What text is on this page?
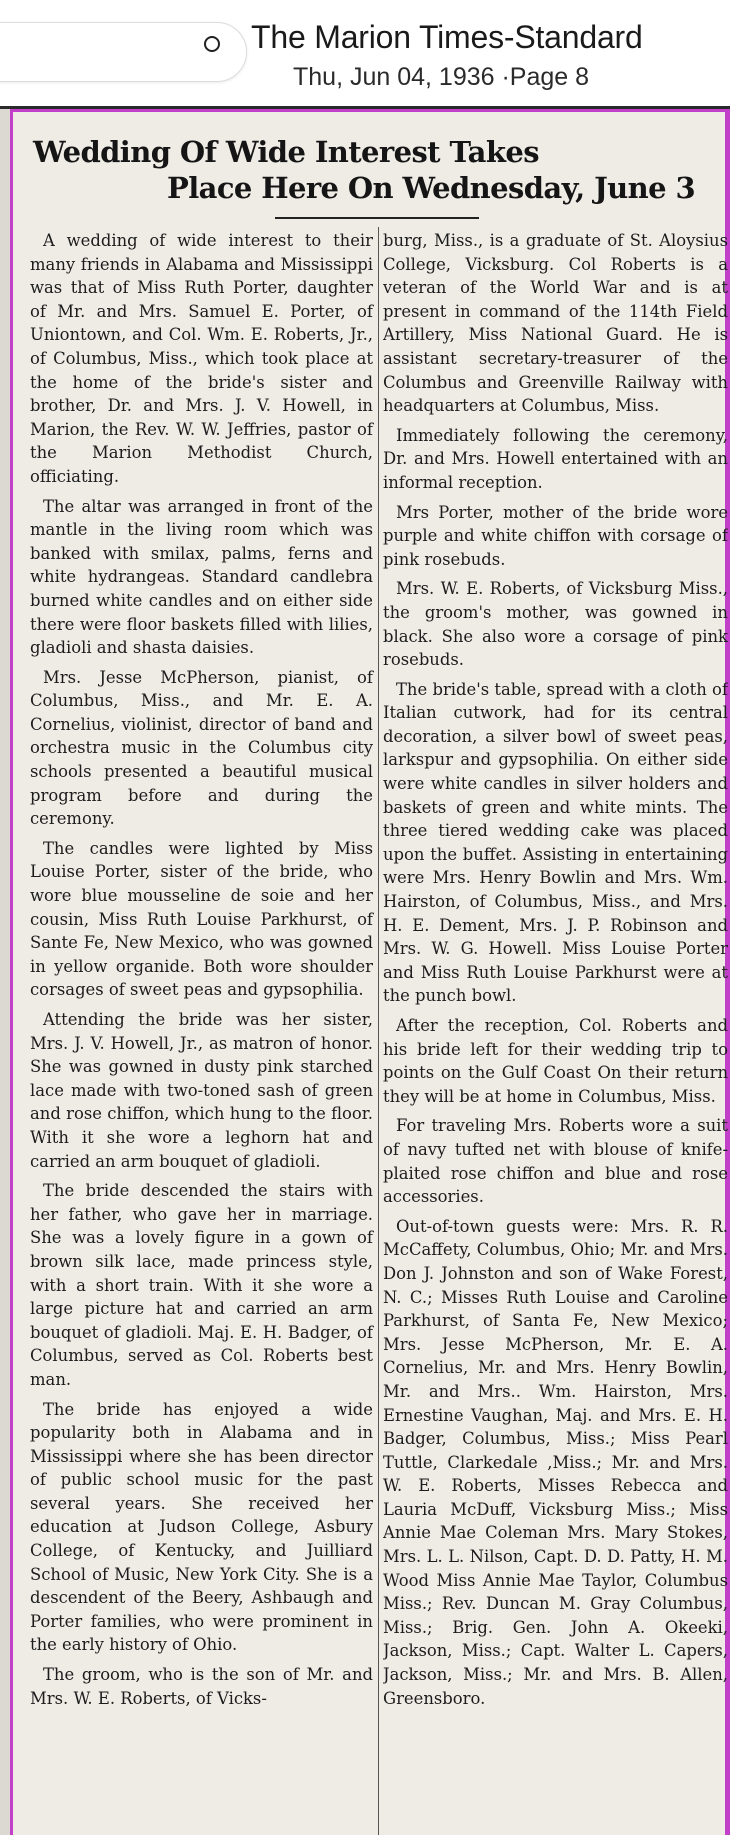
The Marion Times-Standard
Thu, Jun 04, 1936 ·Page 8
Wedding Of Wide Interest Takes
Place Here On Wednesday, June 3

A wedding of wide interest to their many friends in Alabama and Mississippi was that of Miss Ruth Porter, daughter of Mr. and Mrs. Samuel E. Porter, of Uniontown, and Col. Wm. E. Roberts, Jr., of Columbus, Miss., which took place at the home of the bride's sister and brother, Dr. and Mrs. J. V. Howell, in Marion, the Rev. W. W. Jeffries, pastor of the Marion Methodist Church, officiating.

The altar was arranged in front of the mantle in the living room which was banked with smilax, palms, ferns and white hydrangeas. Standard candlebra burned white candles and on either side there were floor baskets filled with lilies, gladioli and shasta daisies.

Mrs. Jesse McPherson, pianist, of Columbus, Miss., and Mr. E. A. Cornelius, violinist, director of band and orchestra music in the Columbus city schools presented a beautiful musical program before and during the ceremony.

The candles were lighted by Miss Louise Porter, sister of the bride, who wore blue mousseline de soie and her cousin, Miss Ruth Louise Parkhurst, of Sante Fe, New Mexico, who was gowned in yellow organide. Both wore shoulder corsages of sweet peas and gypsophilia.

Attending the bride was her sister, Mrs. J. V. Howell, Jr., as matron of honor. She was gowned in dusty pink starched lace made with two-toned sash of green and rose chiffon, which hung to the floor. With it she wore a leghorn hat and carried an arm bouquet of gladioli.

The bride descended the stairs with her father, who gave her in marriage. She was a lovely figure in a gown of brown silk lace, made princess style, with a short train. With it she wore a large picture hat and carried an arm bouquet of gladioli. Maj. E. H. Badger, of Columbus, served as Col. Roberts best man.

The bride has enjoyed a wide popularity both in Alabama and in Mississippi where she has been director of public school music for the past several years. She received her education at Judson College, Asbury College, of Kentucky, and Juilliard School of Music, New York City. She is a descendent of the Beery, Ashbaugh and Porter families, who were prominent in the early history of Ohio.

The groom, who is the son of Mr. and Mrs. W. E. Roberts, of Vicks-

burg, Miss., is a graduate of St. Aloysius College, Vicksburg. Col Roberts is a veteran of the World War and is at present in command of the 114th Field Artillery, Miss National Guard. He is assistant secretary-treasurer of the Columbus and Greenville Railway with headquarters at Columbus, Miss.

Immediately following the ceremony, Dr. and Mrs. Howell entertained with an informal reception.

Mrs Porter, mother of the bride wore purple and white chiffon with corsage of pink rosebuds.

Mrs. W. E. Roberts, of Vicksburg Miss., the groom's mother, was gowned in black. She also wore a corsage of pink rosebuds.

The bride's table, spread with a cloth of Italian cutwork, had for its central decoration, a silver bowl of sweet peas, larkspur and gypsophilia. On either side were white candles in silver holders and baskets of green and white mints. The three tiered wedding cake was placed upon the buffet. Assisting in entertaining were Mrs. Henry Bowlin and Mrs. Wm. Hairston, of Columbus, Miss., and Mrs. H. E. Dement, Mrs. J. P. Robinson and Mrs. W. G. Howell. Miss Louise Porter and Miss Ruth Louise Parkhurst were at the punch bowl.

After the reception, Col. Roberts and his bride left for their wedding trip to points on the Gulf Coast On their return they will be at home in Columbus, Miss.

For traveling Mrs. Roberts wore a suit of navy tufted net with blouse of knife-plaited rose chiffon and blue and rose accessories.

Out-of-town guests were: Mrs. R. R. McCaffety, Columbus, Ohio; Mr. and Mrs. Don J. Johnston and son of Wake Forest, N. C.; Misses Ruth Louise and Caroline Parkhurst, of Santa Fe, New Mexico; Mrs. Jesse McPherson, Mr. E. A. Cornelius, Mr. and Mrs. Henry Bowlin, Mr. and Mrs.. Wm. Hairston, Mrs. Ernestine Vaughan, Maj. and Mrs. E. H. Badger, Columbus, Miss.; Miss Pearl Tuttle, Clarkedale ,Miss.; Mr. and Mrs. W. E. Roberts, Misses Rebecca and Lauria McDuff, Vicksburg Miss.; Miss Annie Mae Coleman Mrs. Mary Stokes, Mrs. L. L. Nilson, Capt. D. D. Patty, H. M. Wood Miss Annie Mae Taylor, Columbus Miss.; Rev. Duncan M. Gray Columbus, Miss.; Brig. Gen. John A. Okeeki, Jackson, Miss.; Capt. Walter L. Capers, Jackson, Miss.; Mr. and Mrs. B. Allen, Greensboro.
